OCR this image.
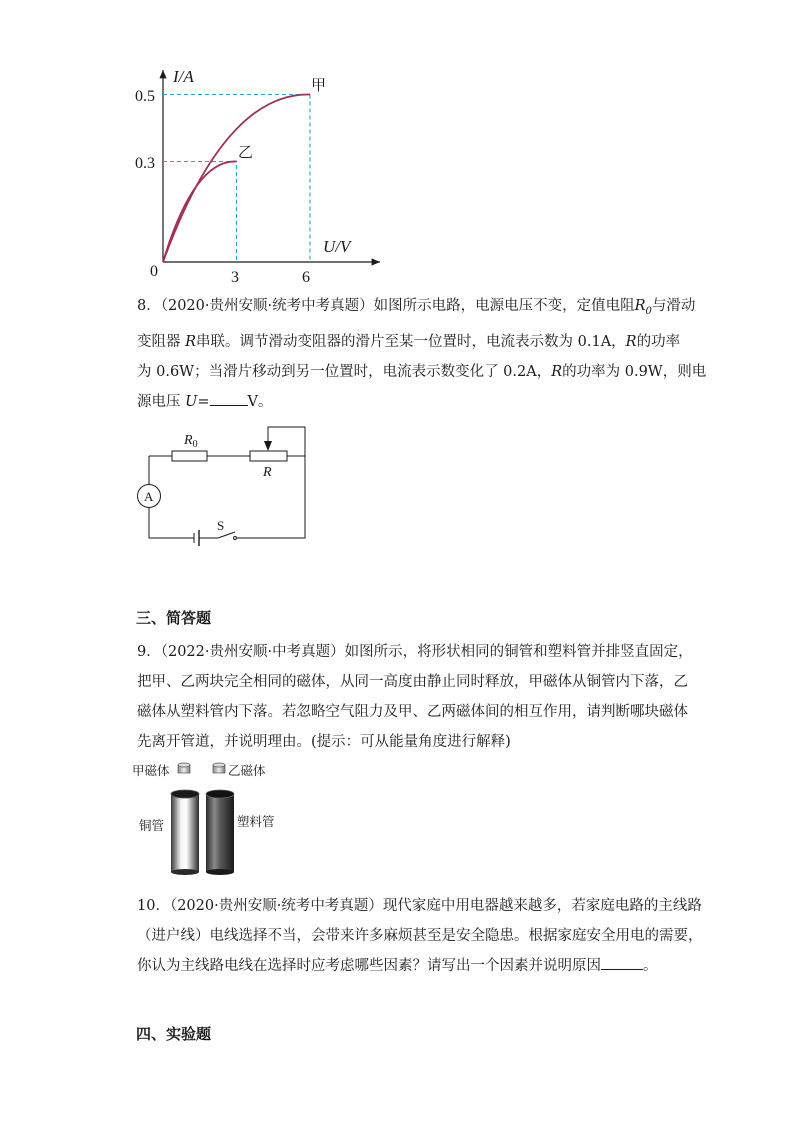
I/A
U/V
0
0.5
0.3
3	6
甲
乙

8．（2020·贵州安顺·统考中考真题）如图所示电路，电源电压不变，定值电阻$R_0$与滑动

变阻器 R串联。调节滑动变阻器的滑片至某一位置时，电流表示数为 0.1A，R的功率

为 0.6W；当滑片移动到另一位置时，电流表示数变化了 0.2A，R的功率为 0.9W，则电

源电压 U=	V。

$R_0$
R
A
S
三、简答题

9．（2022·贵州安顺·中考真题）如图所示，将形状相同的铜管和塑料管并排竖直固定，

把甲、乙两块完全相同的磁体，从同一高度由静止同时释放，甲磁体从铜管内下落，乙

磁体从塑料管内下落。若忽略空气阻力及甲、乙两磁体间的相互作用，请判断哪块磁体

先离开管道，并说明理由。(提示：可从能量角度进行解释)

甲磁体	乙磁体
铜管	塑料管

10．（2020·贵州安顺·统考中考真题）现代家庭中用电器越来越多，若家庭电路的主线路

（进户线）电线选择不当，会带来许多麻烦甚至是安全隐患。根据家庭安全用电的需要，

你认为主线路电线在选择时应考虑哪些因素？请写出一个因素并说明原因	。

四、实验题
